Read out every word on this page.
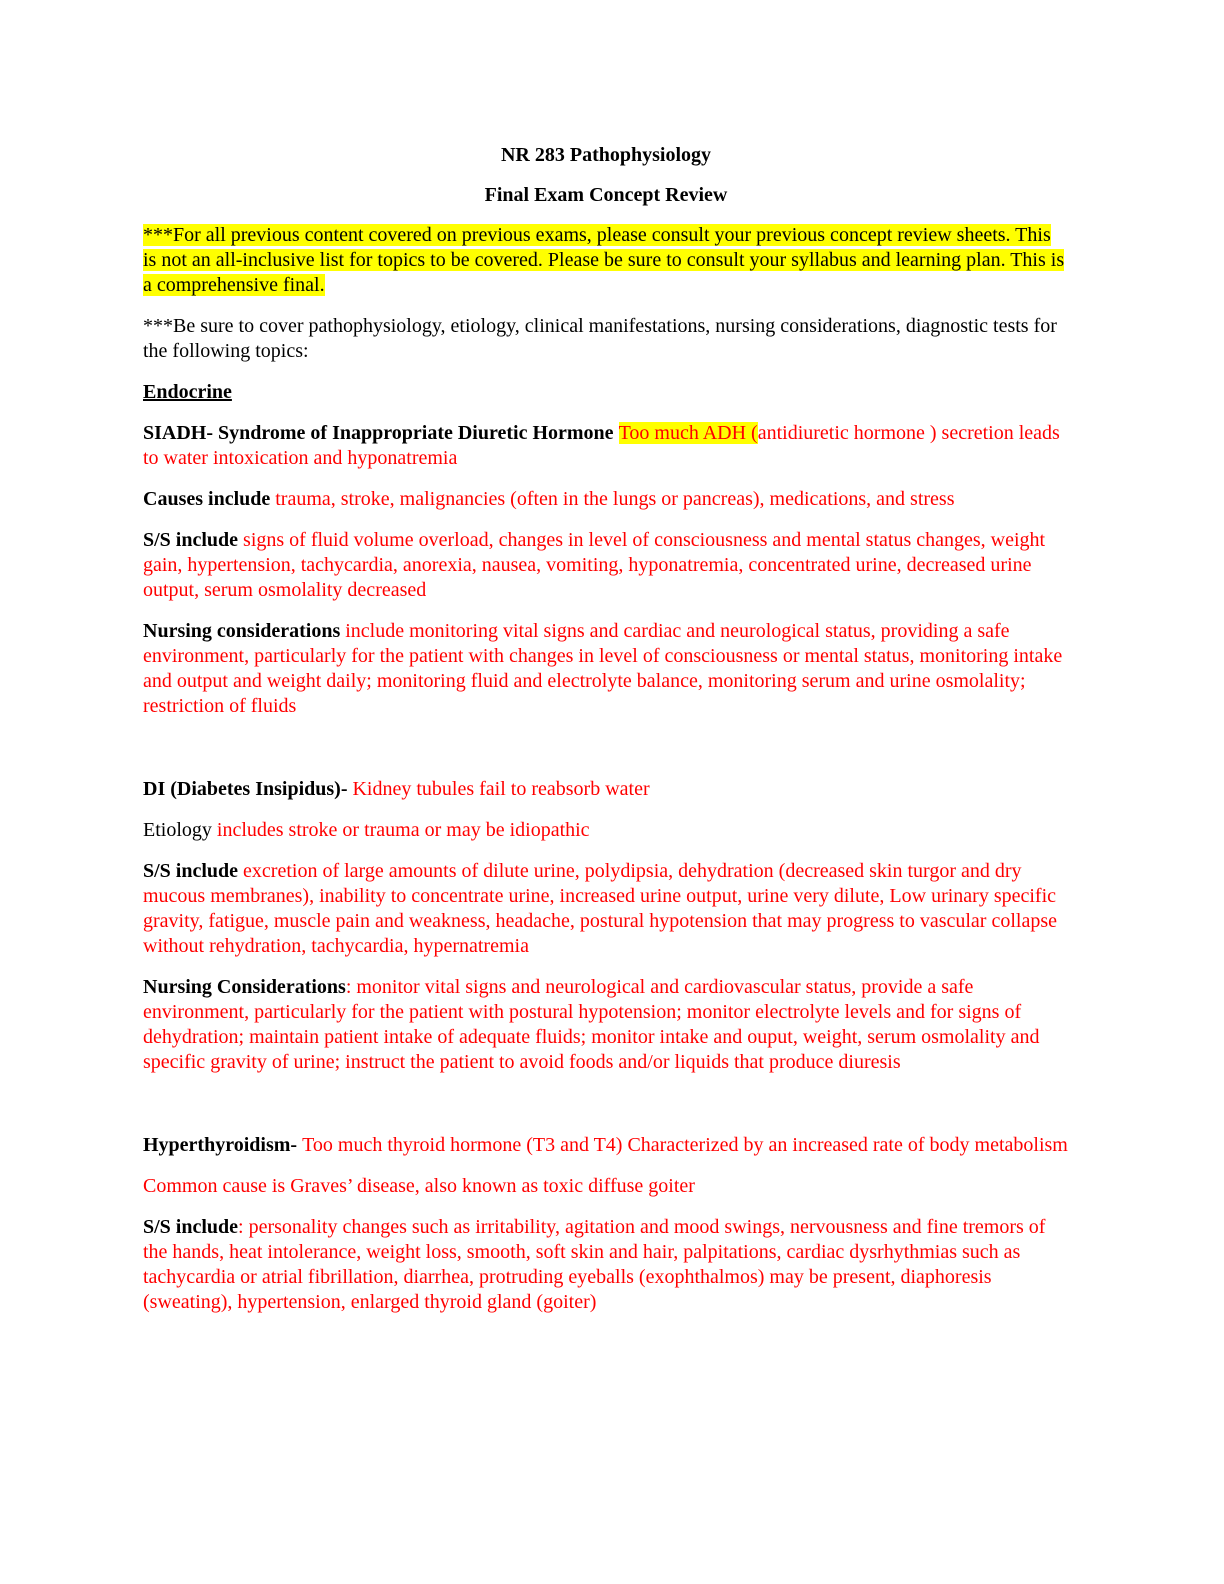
NR 283 Pathophysiology

Final Exam Concept Review

***For all previous content covered on previous exams, please consult your previous concept review sheets. This is not an all-inclusive list for topics to be covered. Please be sure to consult your syllabus and learning plan. This is a comprehensive final.

***Be sure to cover pathophysiology, etiology, clinical manifestations, nursing considerations, diagnostic tests for the following topics:

Endocrine

SIADH- Syndrome of Inappropriate Diuretic Hormone Too much ADH (antidiuretic hormone ) secretion leads to water intoxication and hyponatremia

Causes include trauma, stroke, malignancies (often in the lungs or pancreas), medications, and stress

S/S include signs of fluid volume overload, changes in level of consciousness and mental status changes, weight gain, hypertension, tachycardia, anorexia, nausea, vomiting, hyponatremia, concentrated urine, decreased urine output, serum osmolality decreased

Nursing considerations include monitoring vital signs and cardiac and neurological status, providing a safe environment, particularly for the patient with changes in level of consciousness or mental status, monitoring intake and output and weight daily; monitoring fluid and electrolyte balance, monitoring serum and urine osmolality; restriction of fluids

DI (Diabetes Insipidus)- Kidney tubules fail to reabsorb water

Etiology includes stroke or trauma or may be idiopathic

S/S include excretion of large amounts of dilute urine, polydipsia, dehydration (decreased skin turgor and dry mucous membranes), inability to concentrate urine, increased urine output, urine very dilute, Low urinary specific gravity, fatigue, muscle pain and weakness, headache, postural hypotension that may progress to vascular collapse without rehydration, tachycardia, hypernatremia

Nursing Considerations: monitor vital signs and neurological and cardiovascular status, provide a safe environment, particularly for the patient with postural hypotension; monitor electrolyte levels and for signs of dehydration; maintain patient intake of adequate fluids; monitor intake and ouput, weight, serum osmolality and specific gravity of urine; instruct the patient to avoid foods and/or liquids that produce diuresis

Hyperthyroidism- Too much thyroid hormone (T3 and T4) Characterized by an increased rate of body metabolism

Common cause is Graves’ disease, also known as toxic diffuse goiter

S/S include: personality changes such as irritability, agitation and mood swings, nervousness and fine tremors of the hands, heat intolerance, weight loss, smooth, soft skin and hair, palpitations, cardiac dysrhythmias such as tachycardia or atrial fibrillation, diarrhea, protruding eyeballs (exophthalmos) may be present, diaphoresis (sweating), hypertension, enlarged thyroid gland (goiter)
